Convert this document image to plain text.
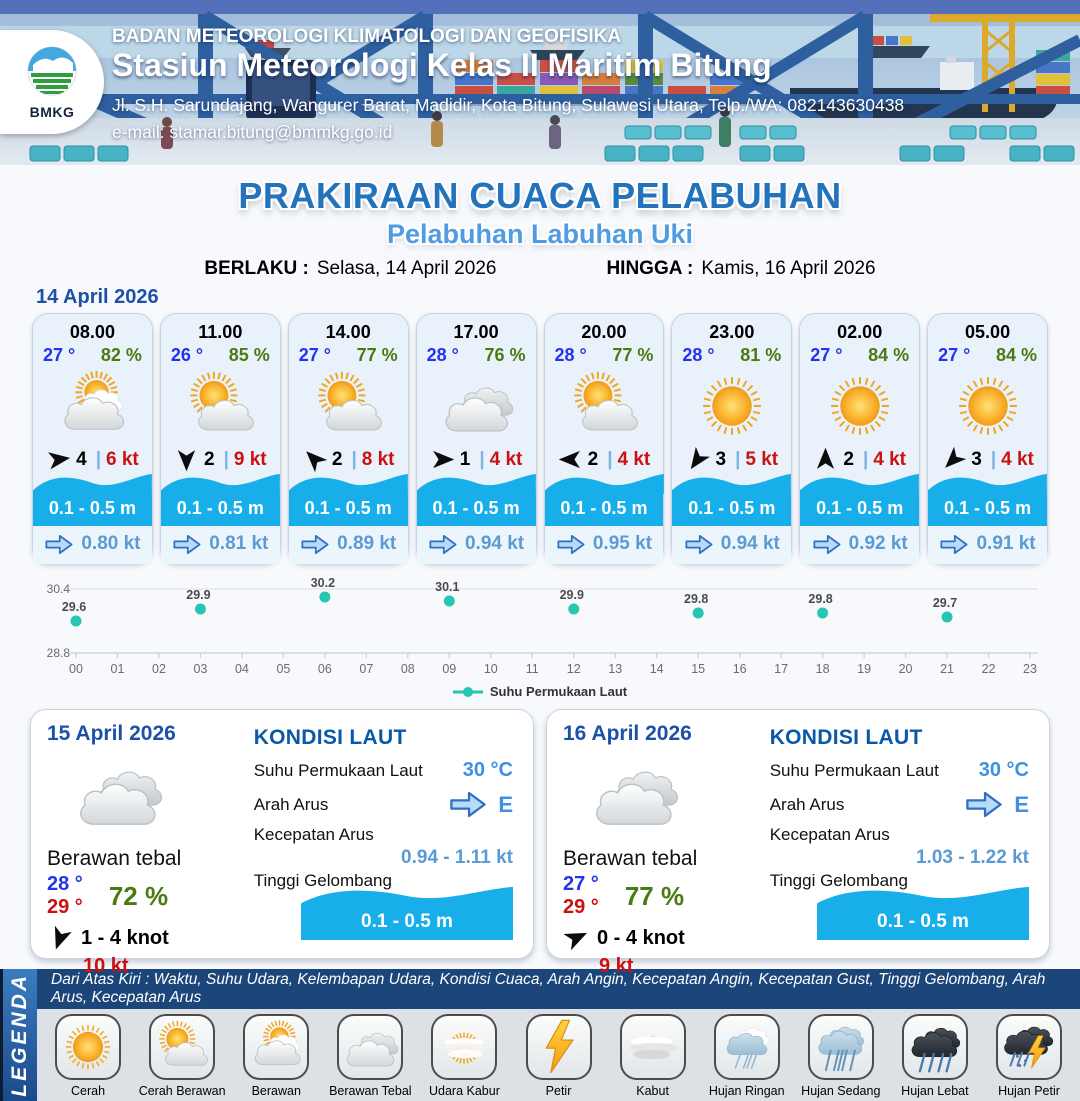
BMKG
BADAN METEOROLOGI KLIMATOLOGI DAN GEOFISIKA
Stasiun Meteorologi Kelas II Maritim Bitung
Jl. S.H. Sarundajang, Wangurer Barat, Madidir, Kota Bitung, Sulawesi Utara, Telp./WA: 082143630438
e-mail: stamar.bitung@bmmkg.go.id
PRAKIRAAN CUACA PELABUHAN
Pelabuhan Labuhan Uki
BERLAKU : Selasa, 14 April 2026	HINGGA : Kamis, 16 April 2026
14 April 2026
08.00
27 ° 82 %
4 | 6 kt
0.1 - 0.5 m
0.80 kt
11.00
26 ° 85 %
2 | 9 kt
0.1 - 0.5 m
0.81 kt
14.00
27 ° 77 %
2 | 8 kt
0.1 - 0.5 m
0.89 kt
17.00
28 ° 76 %
1 | 4 kt
0.1 - 0.5 m
0.94 kt
20.00
28 ° 77 %
2 | 4 kt
0.1 - 0.5 m
0.95 kt
23.00
28 ° 81 %
3 | 5 kt
0.1 - 0.5 m
0.94 kt
02.00
27 ° 84 %
2 | 4 kt
0.1 - 0.5 m
0.92 kt
05.00
27 ° 84 %
3 | 4 kt
0.1 - 0.5 m
0.91 kt
30.4
28.8
00 01 02 03 04 05 06 07 08 09 10 11 12 13 14 15 16 17 18 19 20 21 22 23
29.6
29.9
30.2	30.1
29.9	29.8	29.8	29.7
Suhu Permukaan Laut
15 April 2026
Berawan tebal
28 °
29 ° 72 %
1 - 4 knot
10 kt
KONDISI LAUT
Suhu Permukaan Laut 30 °C
Arah Arus	E
Kecepatan Arus
0.94 - 1.11 kt
Tinggi Gelombang
0.1 - 0.5 m
16 April 2026
Berawan tebal
27 °
29 ° 77 %
0 - 4 knot
9 kt
KONDISI LAUT
Suhu Permukaan Laut 30 °C
Arah Arus	E
Kecepatan Arus
1.03 - 1.22 kt
Tinggi Gelombang
0.1 - 0.5 m
LEGENDA	Dari Atas Kiri : Waktu, Suhu Udara, Kelembapan Udara, Kondisi Cuaca, Arah Angin, Kecepatan Angin, Kecepatan Gust, Tinggi Gelombang, Arah Arus, Kecepatan Arus
Cerah	Cerah Berawan Berawan Berawan Tebal Udara Kabur	Petir	Kabut	Hujan Ringan Hujan Sedang Hujan Lebat Hujan Petir
